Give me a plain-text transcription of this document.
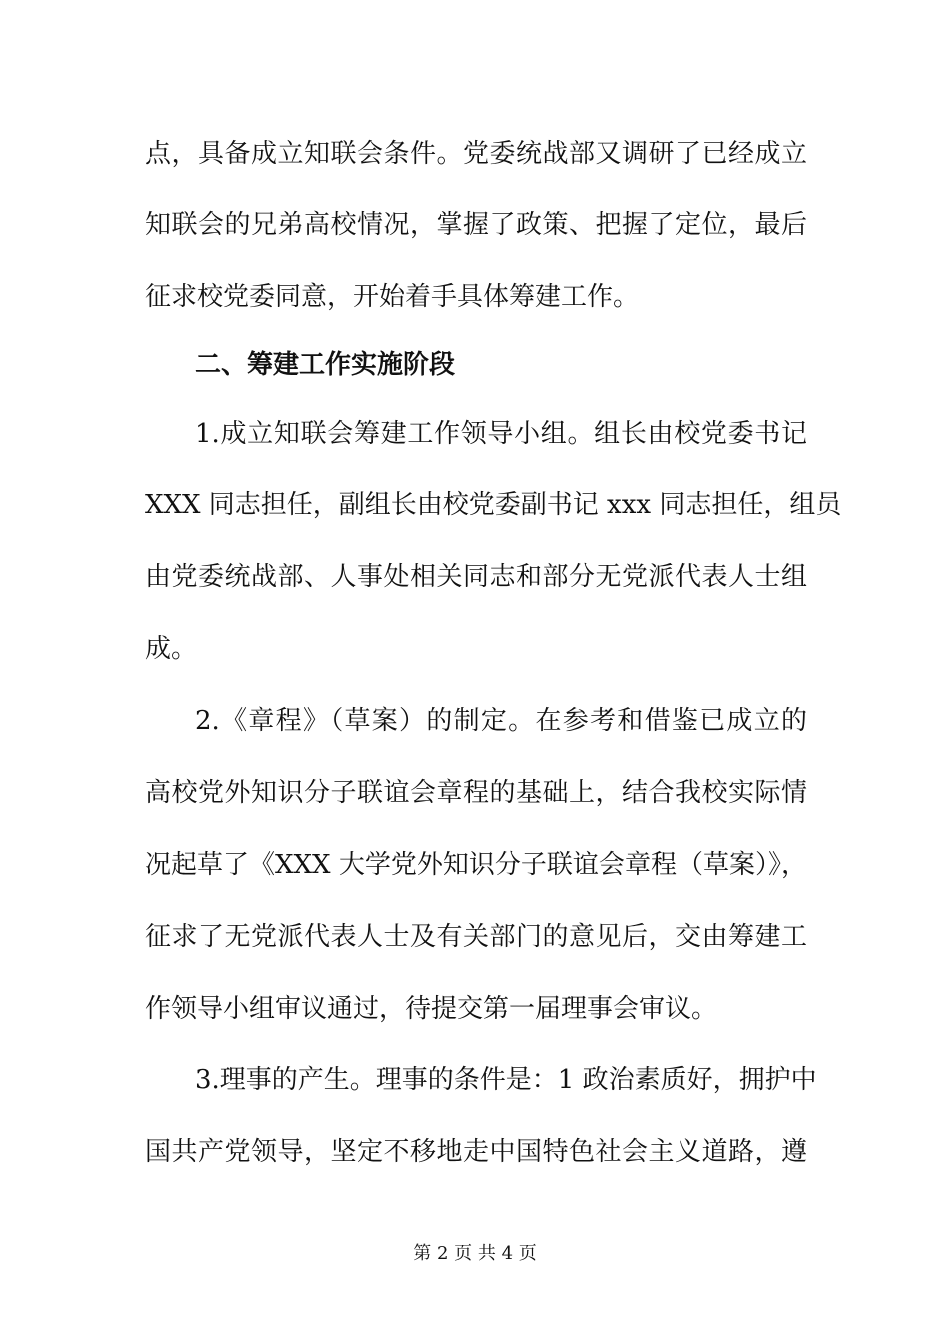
点，具备成立知联会条件。党委统战部又调研了已经成立
知联会的兄弟高校情况，掌握了政策、把握了定位，最后
征求校党委同意，开始着手具体筹建工作。
二、筹建工作实施阶段
1.成立知联会筹建工作领导小组。组长由校党委书记
XXX 同志担任，副组长由校党委副书记 xxx 同志担任，组员
由党委统战部、人事处相关同志和部分无党派代表人士组
成。
2.《章程》（草案）的制定。在参考和借鉴已成立的
高校党外知识分子联谊会章程的基础上，结合我校实际情
况起草了《XXX 大学党外知识分子联谊会章程（草案）》，
征求了无党派代表人士及有关部门的意见后，交由筹建工
作领导小组审议通过，待提交第一届理事会审议。
3.理事的产生。理事的条件是：1 政治素质好，拥护中
国共产党领导，坚定不移地走中国特色社会主义道路，遵
第 2 页 共 4 页
